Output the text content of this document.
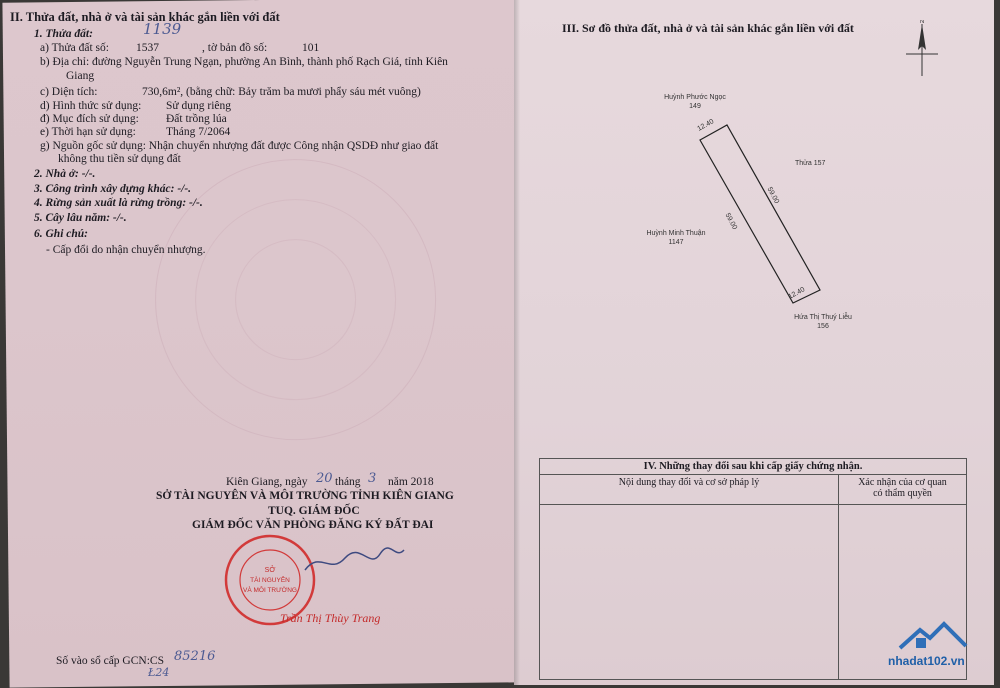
II. Thửa đất, nhà ở và tài sản khác gắn liền với đất
1139
1. Thửa đất:
a) Thửa đất số: 1537	, tờ bản đồ số:	101
b) Địa chỉ: đường Nguyễn Trung Ngạn, phường An Bình, thành phố Rạch Giá, tỉnh Kiên
Giang
c) Diện tích:	730,6m², (bằng chữ: Bảy trăm ba mươi phẩy sáu mét vuông)
d) Hình thức sử dụng: Sử dụng riêng
đ) Mục đích sử dụng: Đất trồng lúa
e) Thời hạn sử dụng:	Tháng 7/2064
g) Nguồn gốc sử dụng: Nhận chuyển nhượng đất được Công nhận QSDĐ như giao đất
không thu tiền sử dụng đất
2. Nhà ở: -/-.
3. Công trình xây dựng khác: -/-.
4. Rừng sản xuất là rừng trồng: -/-.
5. Cây lâu năm: -/-.
6. Ghi chú:
- Cấp đổi do nhận chuyển nhượng.
Kiên Giang, ngày 20 tháng 3 năm 2018
SỞ TÀI NGUYÊN VÀ MÔI TRƯỜNG TỈNH KIÊN GIANG
TUQ. GIÁM ĐỐC
GIÁM ĐỐC VĂN PHÒNG ĐĂNG KÝ ĐẤT ĐAI
SỞ
TÀI NGUYÊN
VÀ MÔI TRƯỜNG
Trần Thị Thùy Trang
Số vào sổ cấp GCN:CS 85216
Ł24
III. Sơ đồ thửa đất, nhà ở và tài sản khác gắn liền với đất	N
Huỳnh Phước Ngọc
149
12.40
Thửa 157
59.00
59.00
Huỳnh Minh Thuận
1147
12.40
Hứa Thị Thuý Liễu
156
IV. Những thay đổi sau khi cấp giấy chứng nhận.	
Nội dung thay đổi và cơ sở pháp lý	Xác nhận của cơ quan
có thẩm quyền

nhadat102.vn
